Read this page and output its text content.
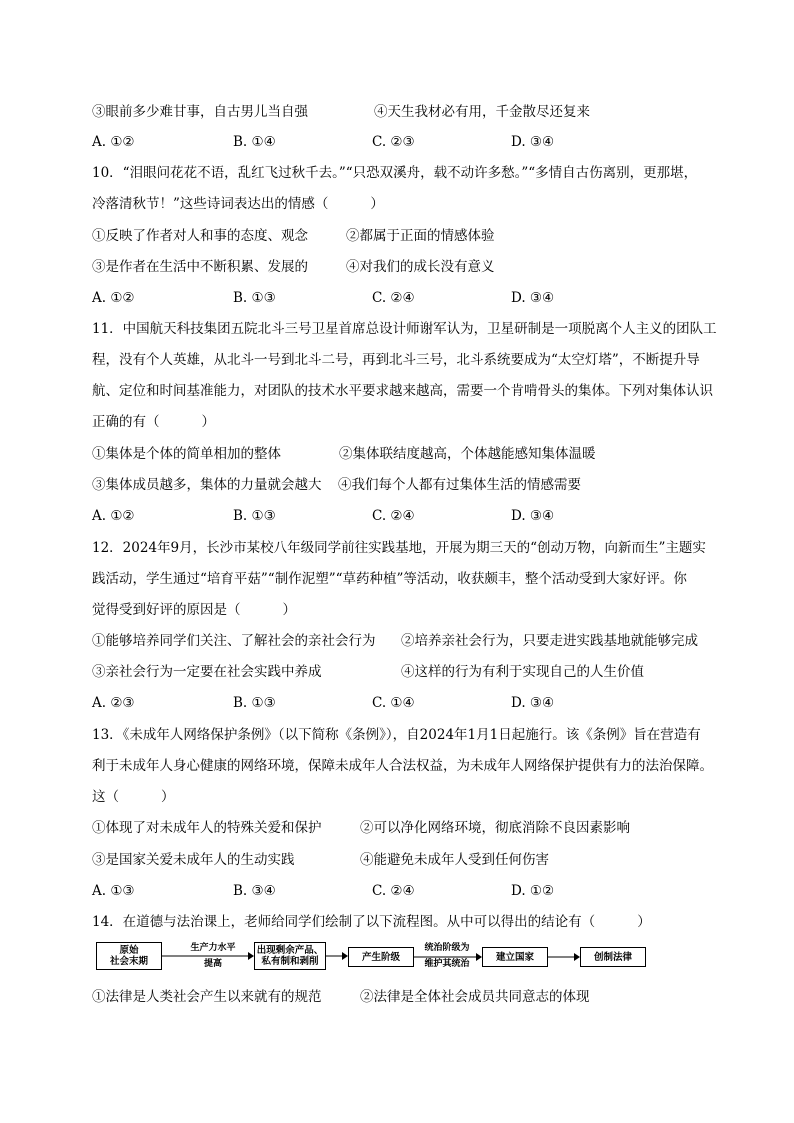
③眼前多少难甘事，自古男儿当自强	④天生我材必有用，千金散尽还复来
A. ①②	B. ①④	C. ②③	D. ③④
10．“泪眼问花花不语，乱红飞过秋千去。”“只恐双溪舟，载不动许多愁。”“多情自古伤离别，更那堪，
冷落清秋节！”这些诗词表达出的情感（	）
①反映了作者对人和事的态度、观念	②都属于正面的情感体验
③是作者在生活中不断积累、发展的	④对我们的成长没有意义
A. ①②	B. ①③	C. ②④	D. ③④
11．中国航天科技集团五院北斗三号卫星首席总设计师谢军认为，卫星研制是一项脱离个人主义的团队工
程，没有个人英雄，从北斗一号到北斗二号，再到北斗三号，北斗系统要成为“太空灯塔”，不断提升导
航、定位和时间基准能力，对团队的技术水平要求越来越高，需要一个肯啃骨头的集体。下列对集体认识
正确的有（	）
①集体是个体的简单相加的整体	②集体联结度越高，个体越能感知集体温暖
③集体成员越多，集体的力量就会越大 ④我们每个人都有过集体生活的情感需要
A. ①②	B. ①③	C. ②④	D. ③④
12．2024年9月，长沙市某校八年级同学前往实践基地，开展为期三天的“创动万物，向新而生”主题实
践活动，学生通过“培育平菇”“制作泥塑”“草药种植”等活动，收获颇丰，整个活动受到大家好评。你
觉得受到好评的原因是（	）
①能够培养同学们关注、了解社会的亲社会行为 ②培养亲社会行为，只要走进实践基地就能够完成
③亲社会行为一定要在社会实践中养成	④这样的行为有利于实现自己的人生价值
A. ②③	B. ①③	C. ①④	D. ③④
13．《未成年人网络保护条例》（以下简称《条例》），自2024年1月1日起施行。该《条例》旨在营造有
利于未成年人身心健康的网络环境，保障未成年人合法权益，为未成年人网络保护提供有力的法治保障。
这（	）
①体现了对未成年人的特殊关爱和保护	②可以净化网络环境，彻底消除不良因素影响
③是国家关爱未成年人的生动实践	④能避免未成年人受到任何伤害
A. ①③	B. ③④	C. ②④	D. ①②
14．在道德与法治课上，老师给同学们绘制了以下流程图。从中可以得出的结论有（	）
原始
社会末期
生产力水平
提高
出现剩余产品、
私有制和剥削	产生阶级
统治阶级为
维护其统治
建立国家	创制法律
①法律是人类社会产生以来就有的规范	②法律是全体社会成员共同意志的体现
